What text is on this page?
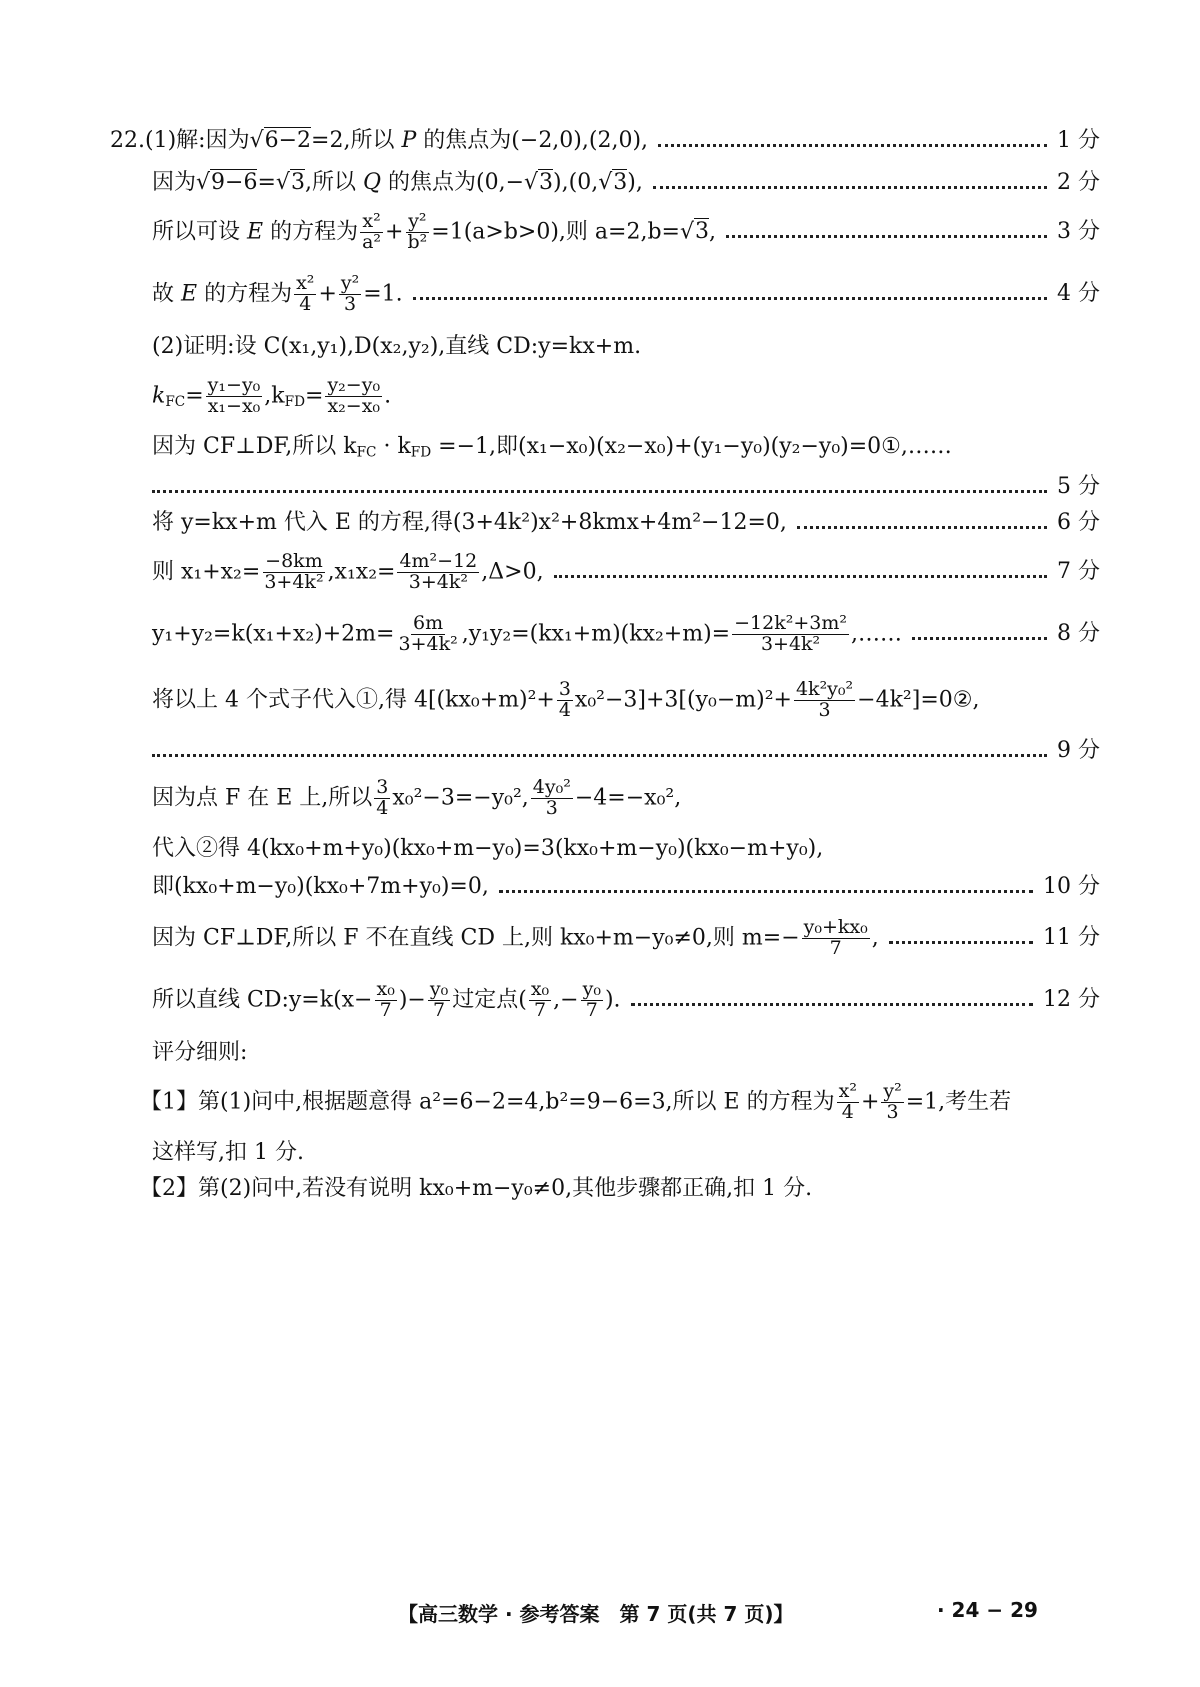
22.(1)解:因为√6−2=2,所以 P 的焦点为(−2,0),(2,0),	1 分
因为√9−6=√3,所以 Q 的焦点为(0,−√3),(0,√3),	2 分
所以可设 E 的方程为 $\frac{\text{x²}}{\text{a²}} + \frac{\text{y²}}{\text{b²}} =1(a>b>0)$,则 a=2,b=√3,	3 分
故 E 的方程为 $\frac{\text{x²}}{4} + \frac{\text{y²}}{3} =1$.	4 分
(2)证明:设 C(x₁,y₁),D(x₂,y₂),直线 CD:y=kx+m.
$k_{FC}= \frac{\text{y₁−y₀}}{\text{x₁−x₀}} ,k_{FD}= \frac{\text{y₂−y₀}}{\text{x₂−x₀}}$ .
因为 CF⊥DF,所以 $k_{FC} \cdot k_{FD} =-1$,即(x₁−x₀)(x₂−x₀)+(y₁−y₀)(y₂−y₀)=0①,……
5 分
将 y=kx+m 代入 E 的方程,得(3+4k²)x²+8kmx+4m²−12=0,	6 分
则 $x_1+x_2= \frac{-8km}{\text{3+4k²}} ,x_1x_2= \frac{\text{4m²−12}}{\text{3+4k²}} ,\Delta>0$,	7 分
$y_1+y_2=k(x_1+x_2)+2m= \frac{6m}{\text{3+4k²}} ,y_1y_2=(kx_1+m)(kx_2+m)= \frac{\text{−12k²+3m²}}{\text{3+4k²}}$ ,……	8 分
将以上 4 个式子代入①,得 $4[(kx_0+m)^2+ \frac{3}{4} x_0^2-3]+3[(y_0-m)^2+ \frac{\text{4k²y₀²}}{3}$ −4k²]=0②,
9 分
因为点 F 在 E 上,所以 $\frac{3}{4} x_0^2-3=-y_0^2$, $\frac{\text{4y₀²}}{3} -4=-x_0^2$,
代入②得 4(kx₀+m+y₀)(kx₀+m−y₀)=3(kx₀+m−y₀)(kx₀−m+y₀),
即(kx₀+m−y₀)(kx₀+7m+y₀)=0,	10 分
因为 CF⊥DF,所以 F 不在直线 CD 上,则 kx₀+m−y₀≠0,则 $m=- \frac{\text{y₀+kx₀}}{7}$ ,	11 分
所以直线 CD:y=k(x− $\frac{\text{x₀}}{7}$ )− $\frac{\text{y₀}}{7}$ 过定点( $\frac{\text{x₀}}{7}$ ,− $\frac{\text{y₀}}{7}$ ).	12 分
评分细则:
【1】第(1)问中,根据题意得 a²=6−2=4,b²=9−6=3,所以 E 的方程为 $\frac{\text{x²}}{4} + \frac{\text{y²}}{3} =1$,考生若
这样写,扣 1 分.
【2】第(2)问中,若没有说明 kx₀+m−y₀≠0,其他步骤都正确,扣 1 分.
【高三数学 · 参考答案　第 7 页(共 7 页)】	· 24 − 29
